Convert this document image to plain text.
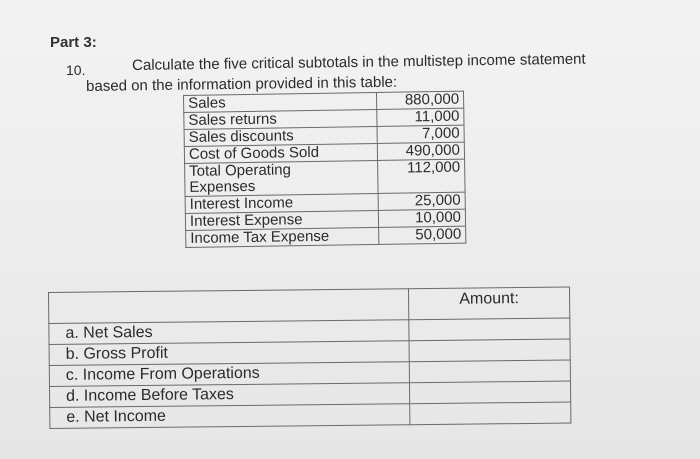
Part 3:
10.	Calculate the five critical subtotals in the multistep income statement
based on the information provided in this table:
Sales	880,000
Sales returns	11,000
Sales discounts	7,000
Cost of Goods Sold	490,000
Total Operating
Expenses	112,000
Interest Income	25,000
Interest Expense	10,000
Income Tax Expense	50,000
	Amount:
a. Net Sales	
b. Gross Profit	
c. Income From Operations	
d. Income Before Taxes	
e. Net Income	
